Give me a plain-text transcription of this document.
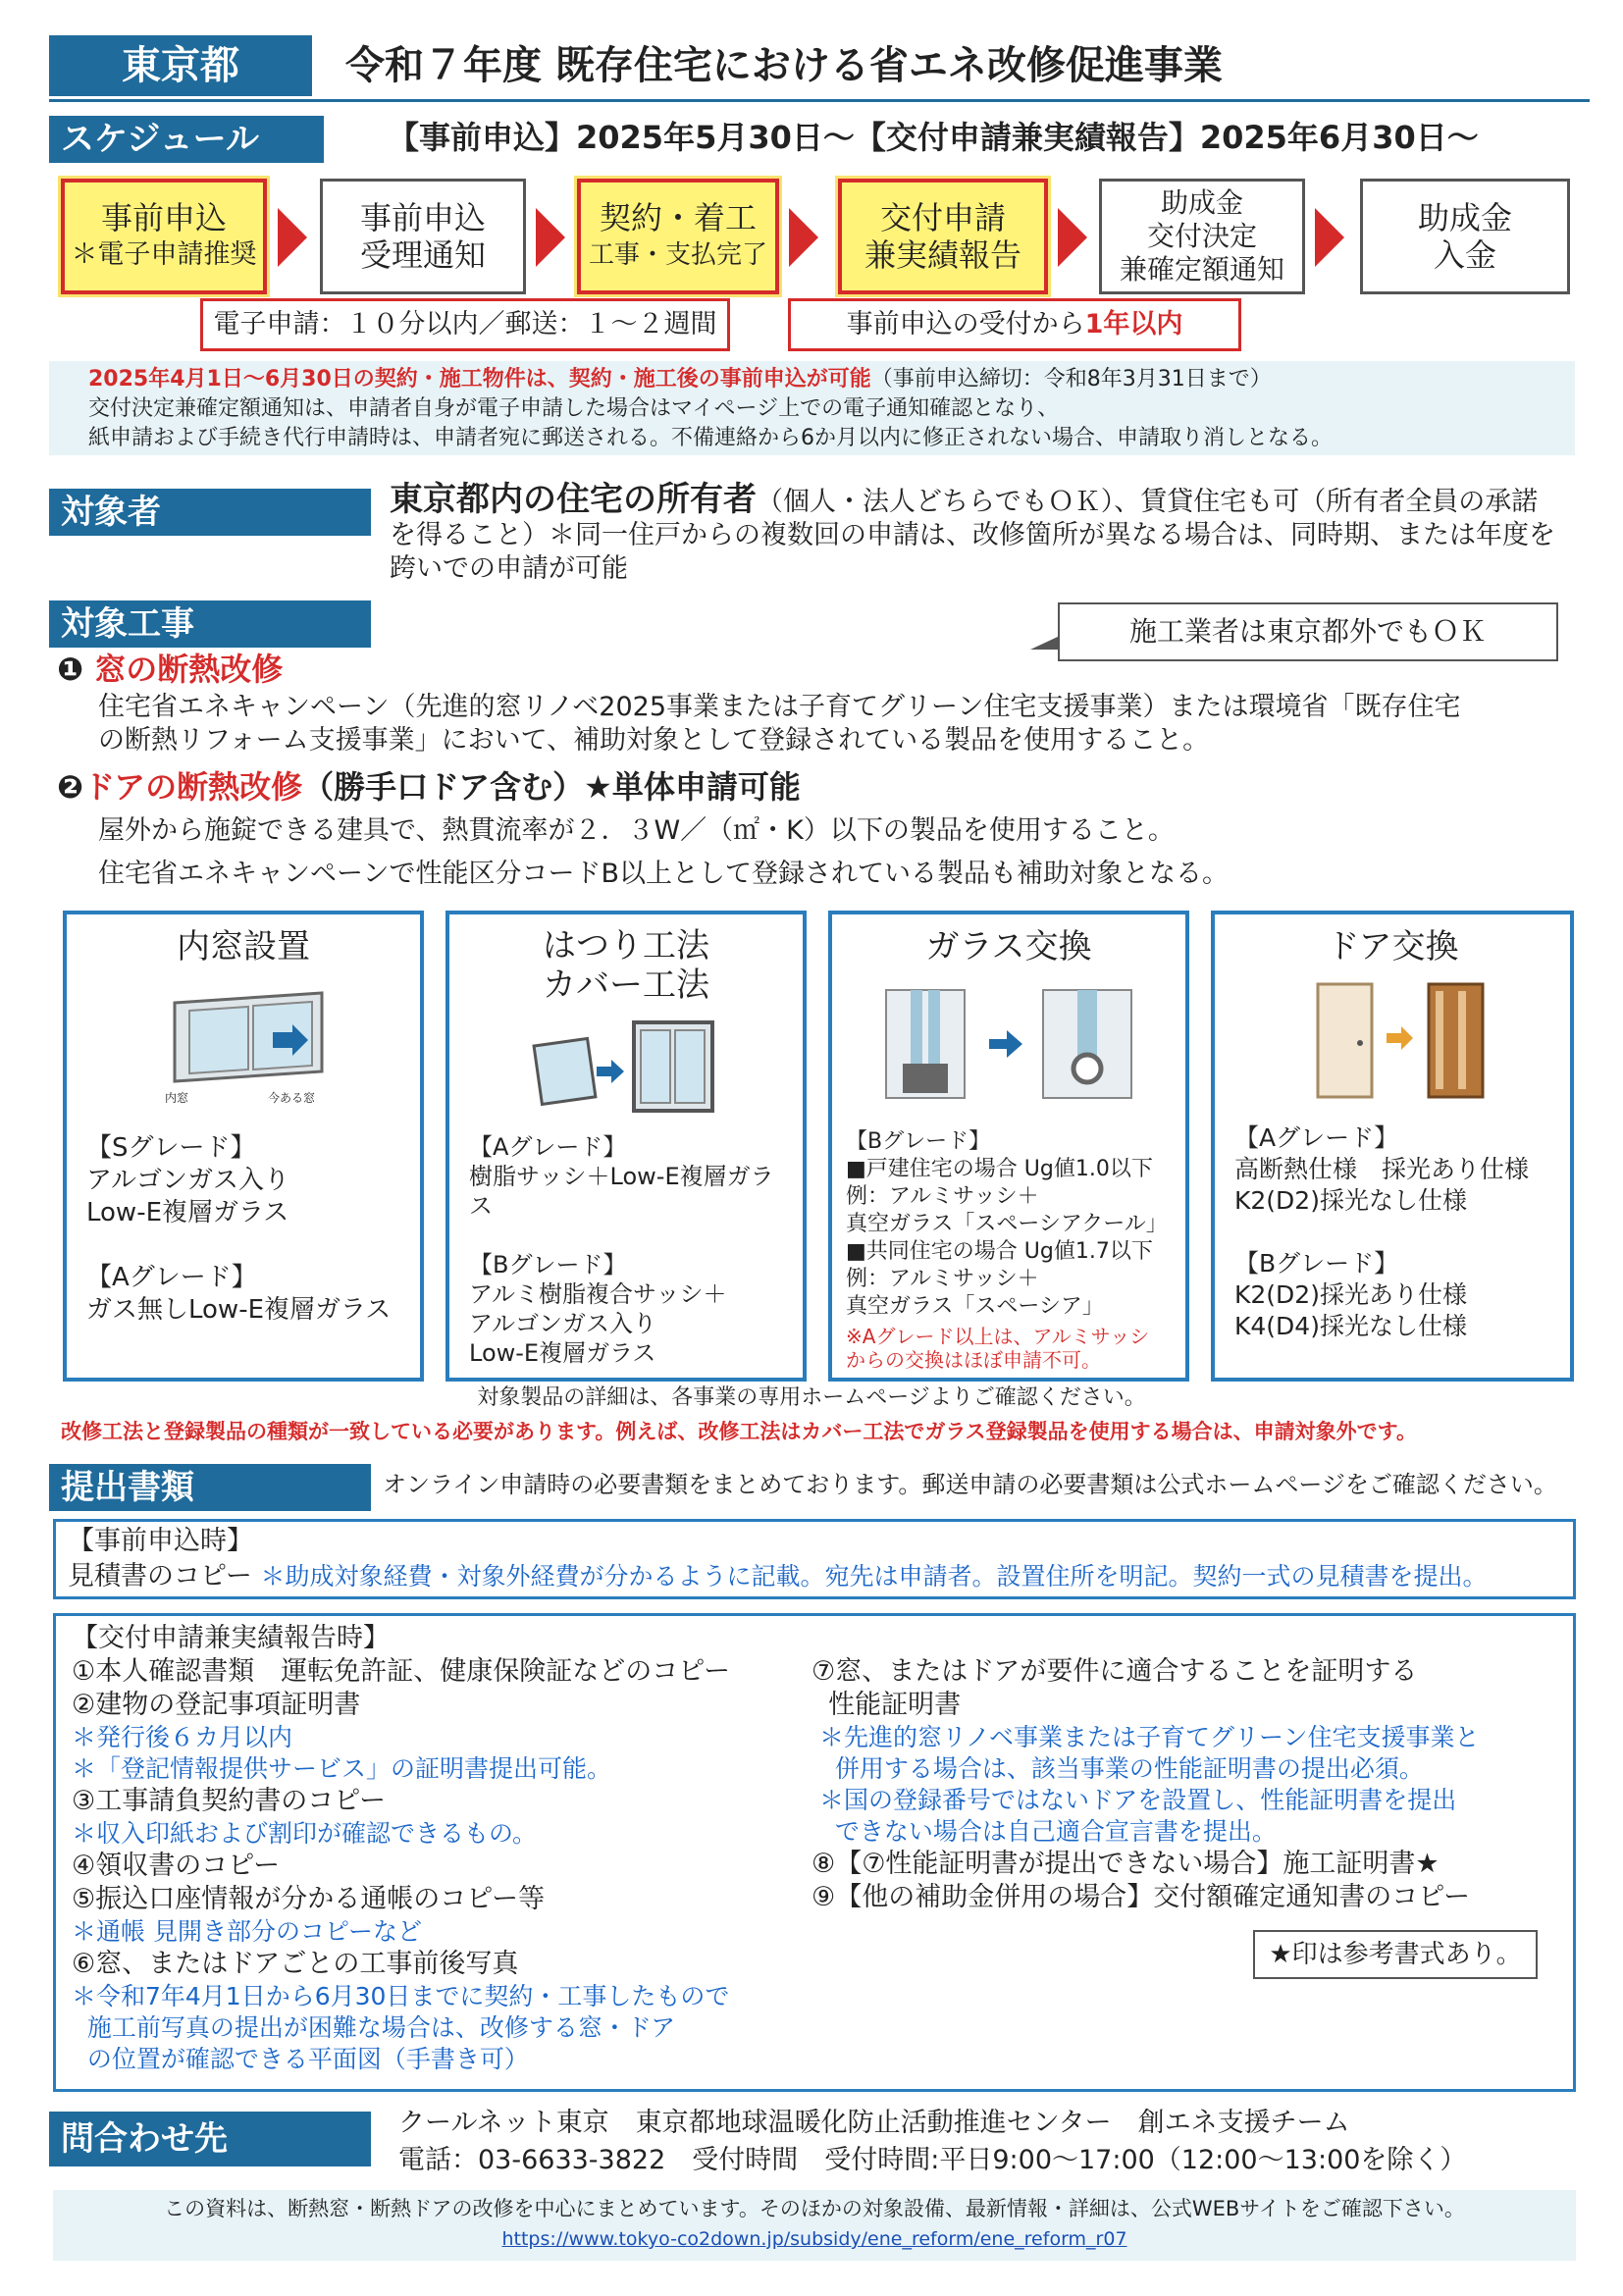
東京都	令和７年度 既存住宅における省エネ改修促進事業
スケジュール	【事前申込】2025年5月30日～【交付申請兼実績報告】2025年6月30日～
事前申込
＊電子申請推奨
事前申込
受理通知
契約・着工
工事・支払完了
交付申請
兼実績報告
助成金
交付決定
兼確定額通知
助成金
入金
電子申請：１０分以内／郵送：１～２週間	事前申込の受付から1年以内
2025年4月1日～6月30日の契約・施工物件は、契約・施工後の事前申込が可能（事前申込締切：令和8年3月31日まで）
交付決定兼確定額通知は、申請者自身が電子申請した場合はマイページ上での電子通知確認となり、
紙申請および手続き代行申請時は、申請者宛に郵送される。不備連絡から6か月以内に修正されない場合、申請取り消しとなる。
対象者	東京都内の住宅の所有者（個人・法人どちらでもＯＫ）、賃貸住宅も可（所有者全員の承諾
を得ること）＊同一住戸からの複数回の申請は、改修箇所が異なる場合は、同時期、または年度を
跨いでの申請が可能
対象工事	施工業者は東京都外でもＯＫ
❶ 窓の断熱改修
住宅省エネキャンペーン（先進的窓リノベ2025事業または子育てグリーン住宅支援事業）または環境省「既存住宅
の断熱リフォーム支援事業」において、補助対象として登録されている製品を使用すること。
❷ドアの断熱改修（勝手口ドア含む）★単体申請可能
屋外から施錠できる建具で、熱貫流率が２．３W／（㎡・K）以下の製品を使用すること。
住宅省エネキャンペーンで性能区分コードB以上として登録されている製品も補助対象となる。
内窓設置
内窓	今ある窓
【Sグレード】
アルゴンガス入り
Low-E複層ガラス

【Aグレード】
ガス無しLow-E複層ガラス
はつり工法
カバー工法
【Aグレード】
樹脂サッシ＋Low-E複層ガラス

【Bグレード】
アルミ樹脂複合サッシ＋
アルゴンガス入り
Low-E複層ガラス
ガラス交換
【Bグレード】
■戸建住宅の場合 Ug値1.0以下
例：アルミサッシ＋
真空ガラス「スペーシアクール」
■共同住宅の場合 Ug値1.7以下
例：アルミサッシ＋
真空ガラス「スペーシア」
※Aグレード以上は、アルミサッシ
からの交換はほぼ申請不可。
ドア交換
【Aグレード】
高断熱仕様　採光あり仕様
K2(D2)採光なし仕様

【Bグレード】
K2(D2)採光あり仕様
K4(D4)採光なし仕様
対象製品の詳細は、各事業の専用ホームページよりご確認ください。
改修工法と登録製品の種類が一致している必要があります。例えば、改修工法はカバー工法でガラス登録製品を使用する場合は、申請対象外です。
提出書類	オンライン申請時の必要書類をまとめております。郵送申請の必要書類は公式ホームページをご確認ください。
【事前申込時】
見積書のコピー ＊助成対象経費・対象外経費が分かるように記載。宛先は申請者。設置住所を明記。契約一式の見積書を提出。
【交付申請兼実績報告時】
①本人確認書類　運転免許証、健康保険証などのコピー
②建物の登記事項証明書
＊発行後６カ月以内
＊「登記情報提供サービス」の証明書提出可能。
③工事請負契約書のコピー
＊収入印紙および割印が確認できるもの。
④領収書のコピー
⑤振込口座情報が分かる通帳のコピー等
＊通帳 見開き部分のコピーなど
⑥窓、またはドアごとの工事前後写真
＊令和7年4月1日から6月30日までに契約・工事したもので
施工前写真の提出が困難な場合は、改修する窓・ドア
の位置が確認できる平面図（手書き可）
⑦窓、またはドアが要件に適合することを証明する
性能証明書
＊先進的窓リノベ事業または子育てグリーン住宅支援事業と
併用する場合は、該当事業の性能証明書の提出必須。
＊国の登録番号ではないドアを設置し、性能証明書を提出
できない場合は自己適合宣言書を提出。
⑧【⑦性能証明書が提出できない場合】施工証明書★
⑨【他の補助金併用の場合】交付額確定通知書のコピー
★印は参考書式あり。
問合わせ先	クールネット東京　東京都地球温暖化防止活動推進センター　創エネ支援チーム
電話：03-6633-3822　受付時間　受付時間:平日9:00～17:00（12:00～13:00を除く）
この資料は、断熱窓・断熱ドアの改修を中心にまとめています。そのほかの対象設備、最新情報・詳細は、公式WEBサイトをご確認下さい。
https://www.tokyo-co2down.jp/subsidy/ene_reform/ene_reform_r07
